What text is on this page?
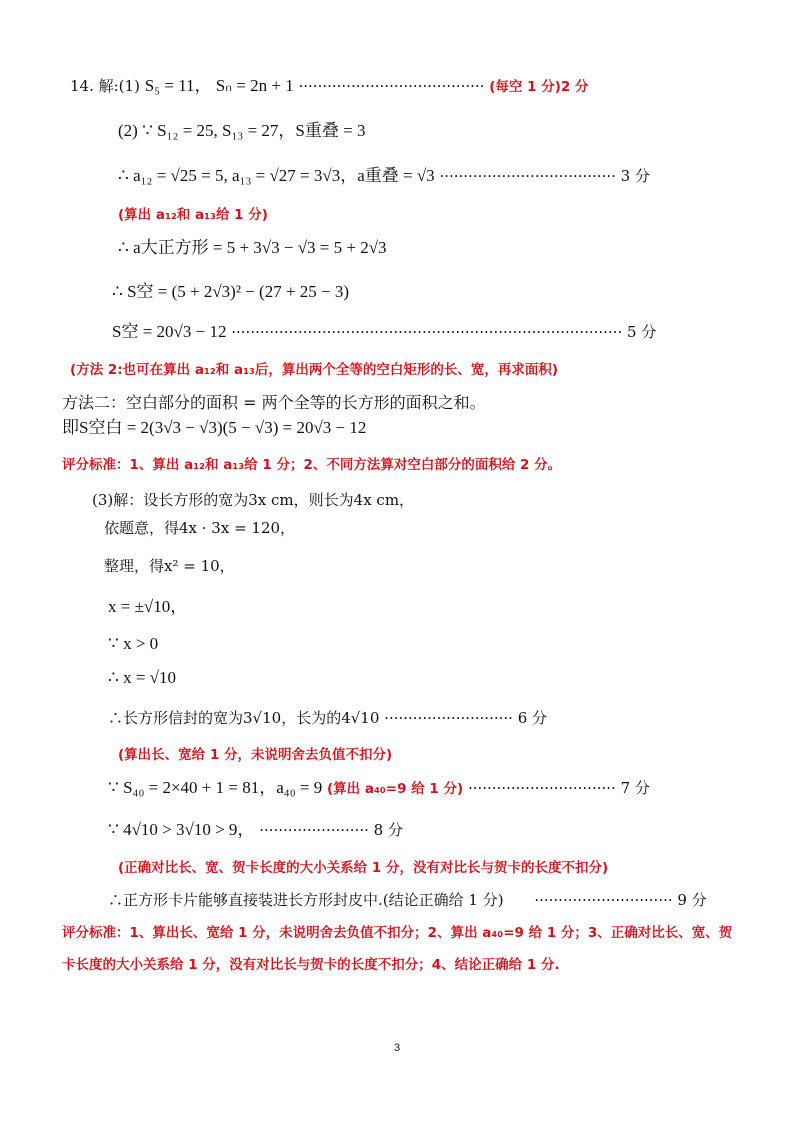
14. 解:(1) S₅ = 11， Sₙ = 2n + 1 ······································· (每空 1 分)2 分
(2) ∵ S₁₂ = 25, S₁₃ = 27，S重叠 = 3
∴ a₁₂ = √25 = 5, a₁₃ = √27 = 3√3，a重叠 = √3 ····································· 3 分
(算出 a₁₂和 a₁₃给 1 分)
∴ a大正方形 = 5 + 3√3 − √3 = 5 + 2√3
∴ S空 = (5 + 2√3)² − (27 + 25 − 3)
S空 = 20√3 − 12 ·················································································· 5 分
(方法 2:也可在算出 a₁₂和 a₁₃后，算出两个全等的空白矩形的长、宽，再求面积)
方法二：空白部分的面积 = 两个全等的长方形的面积之和。
即S空白 = 2(3√3 − √3)(5 − √3) = 20√3 − 12
评分标准：1、算出 a₁₂和 a₁₃给 1 分；2、不同方法算对空白部分的面积给 2 分。
(3)解：设长方形的宽为3x cm，则长为4x cm，
依题意，得4x · 3x = 120，
整理，得x² = 10，
x = ±√10，
∵ x > 0
∴ x = √10
∴长方形信封的宽为3√10，长为的4√10 ··························· 6 分
(算出长、宽给 1 分，未说明舍去负值不扣分)
∵ S₄₀ = 2×40 + 1 = 81，a₄₀ = 9 (算出 a₄₀=9 给 1 分) ······························· 7 分
∵ 4√10 > 3√10 > 9， ······················· 8 分
(正确对比长、宽、贺卡长度的大小关系给 1 分，没有对比长与贺卡的长度不扣分)
∴正方形卡片能够直接装进长方形封皮中.(结论正确给 1 分) ····························· 9 分
评分标准：1、算出长、宽给 1 分，未说明舍去负值不扣分；2、算出 a₄₀=9 给 1 分；3、正确对比长、宽、贺
卡长度的大小关系给 1 分，没有对比长与贺卡的长度不扣分；4、结论正确给 1 分.
3
